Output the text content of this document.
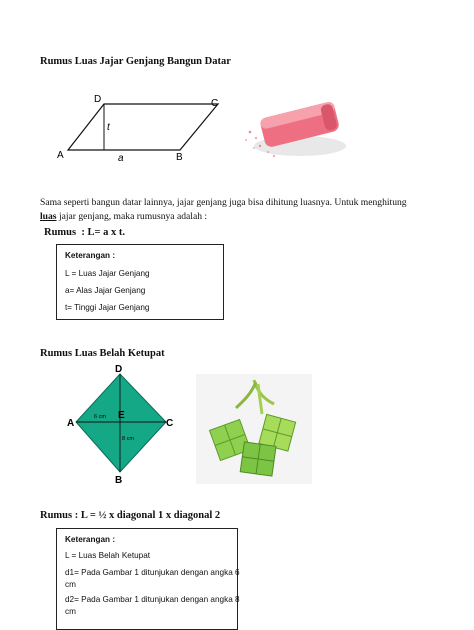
Rumus Luas Jajar Genjang Bangun Datar
D	C
A	B
t
a
Sama seperti bangun datar lainnya, jajar genjang juga bisa dihitung luasnya. Untuk menghitung
luas jajar genjang, maka rumusnya adalah :
Rumus  : L= a x t.
Keterangan :
L = Luas Jajar Genjang
a= Alas Jajar Genjang
t= Tinggi Jajar Genjang
Rumus Luas Belah Ketupat
D
A	C
B
E
6 cm
8 cm
Rumus : L = ½ x diagonal 1 x diagonal 2
Keterangan :
L = Luas Belah Ketupat
d1= Pada Gambar 1 ditunjukan dengan angka 6
cm
d2= Pada Gambar 1 ditunjukan dengan angka 8
cm
